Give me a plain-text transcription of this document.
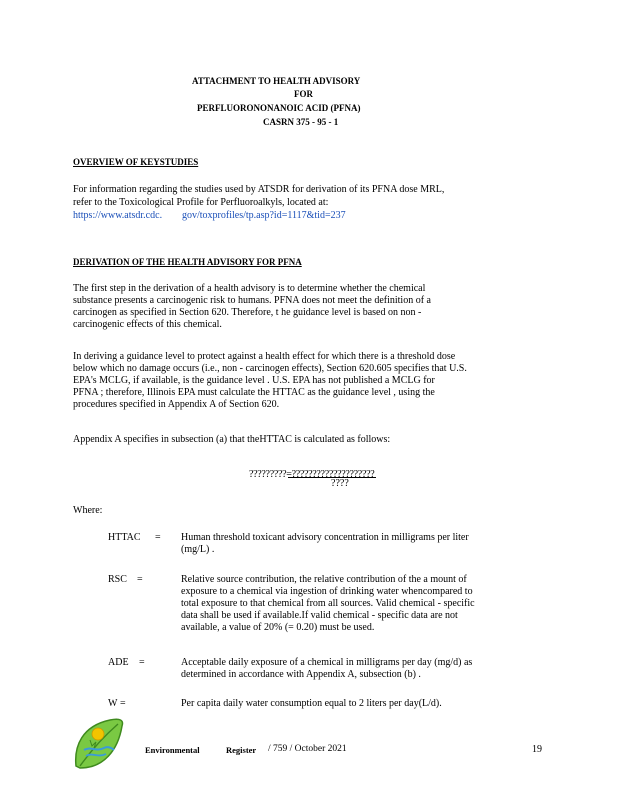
ATTACHMENT TO HEALTH ADVISORY
FOR
PERFLUORONONANOIC ACID (PFNA)
CASRN 375 - 95 - 1
OVERVIEW OF KEYSTUDIES
For information regarding the studies used by ATSDR for derivation of its PFNA dose MRL,
refer to the Toxicological Profile for Perfluoroalkyls, located at:
https://www.atsdr.cdc. gov/toxprofiles/tp.asp?id=1117&tid=237
DERIVATION OF THE HEALTH ADVISORY FOR PFNA
The first step in the derivation of a health advisory is to determine whether the chemical
substance presents a carcinogenic risk to humans. PFNA does not meet the definition of a
carcinogen as specified in Section 620. Therefore, t he guidance level is based on non -
carcinogenic effects of this chemical.
In deriving a guidance level to protect against a health effect for which there is a threshold dose
below which no damage occurs (i.e., non - carcinogen effects), Section 620.605 specifies that U.S.
EPA's MCLG, if available, is the guidance level . U.S. EPA has not published a MCLG for
PFNA ; therefore, Illinois EPA must calculate the HTTAC as the guidance level , using the
procedures specified in Appendix A of Section 620.
Appendix A specifies in subsection (a) that theHTTAC is calculated as follows:
?????????=????????????????????
????
Where:
HTTAC = Human threshold toxicant advisory concentration in milligrams per liter
(mg/L) .
RSC =	Relative source contribution, the relative contribution of the a mount of
exposure to a chemical via ingestion of drinking water whencompared to
total exposure to that chemical from all sources. Valid chemical - specific
data shall be used if available.If valid chemical - specific data are not
available, a value of 20% (= 0.20) must be used.
ADE =	Acceptable daily exposure of a chemical in milligrams per day (mg/d) as
determined in accordance with Appendix A, subsection (b) .
W =	Per capita daily water consumption equal to 2 liters per day(L/d).
Environmental	Register / 759 / October 2021	19
